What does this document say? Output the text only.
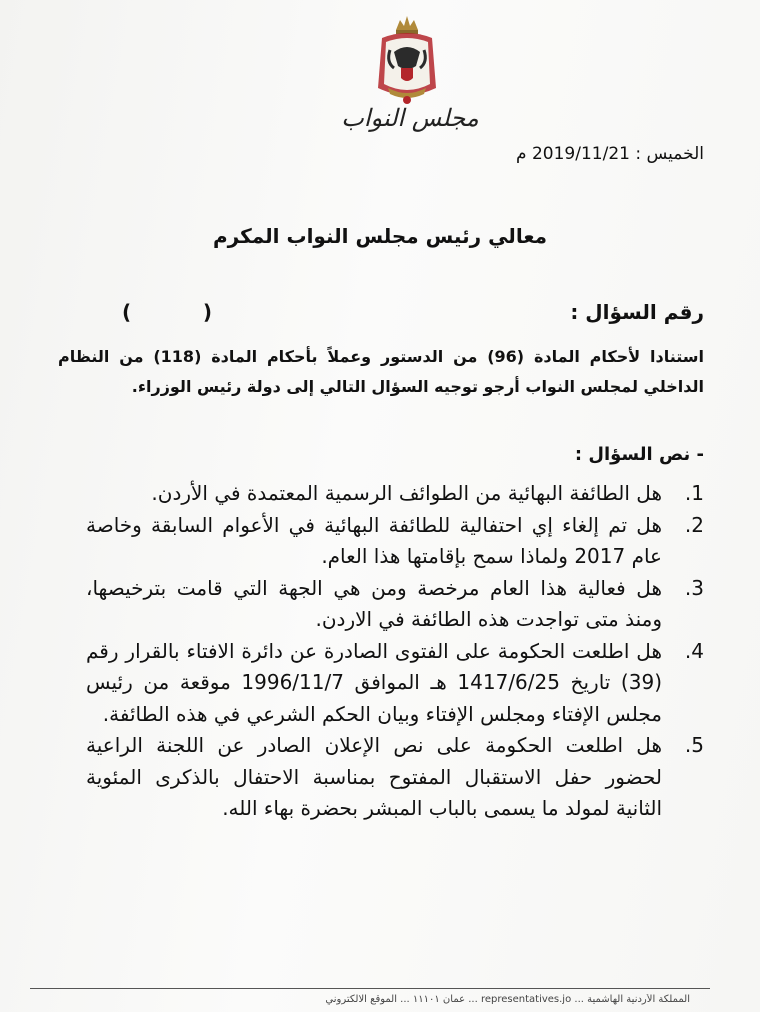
مجلس النواب
الخميس : 2019/11/21 م
معالي رئيس مجلس النواب المكرم
رقم السؤال :
(	)
استنادا لأحكام المادة (96) من الدستور وعملاً بأحكام المادة (118) من النظام الداخلي لمجلس النواب أرجو توجيه السؤال التالي إلى دولة رئيس الوزراء.
- نص السؤال :
1.
هل الطائفة البهائية من الطوائف الرسمية المعتمدة في الأردن.
2.
هل تم إلغاء إي احتفالية للطائفة البهائية في الأعوام السابقة وخاصة عام 2017 ولماذا سمح بإقامتها هذا العام.
3.
هل فعالية هذا العام مرخصة ومن هي الجهة التي قامت بترخيصها، ومنذ متى تواجدت هذه الطائفة في الاردن.
4.
هل اطلعت الحكومة على الفتوى الصادرة عن دائرة الافتاء بالقرار رقم (39) تاريخ 1417/6/25 هـ الموافق 1996/11/7 موقعة من رئيس مجلس الإفتاء ومجلس الإفتاء وبيان الحكم الشرعي في هذه الطائفة.
5.
هل اطلعت الحكومة على نص الإعلان الصادر عن اللجنة الراعية لحضور حفل الاستقبال المفتوح بمناسبة الاحتفال بالذكرى المئوية الثانية لمولد ما يسمى بالباب المبشر بحضرة بهاء الله.
المملكة الأردنية الهاشمية ... representatives.jo ... عمان ١١١٠١ ... الموقع الالكتروني
